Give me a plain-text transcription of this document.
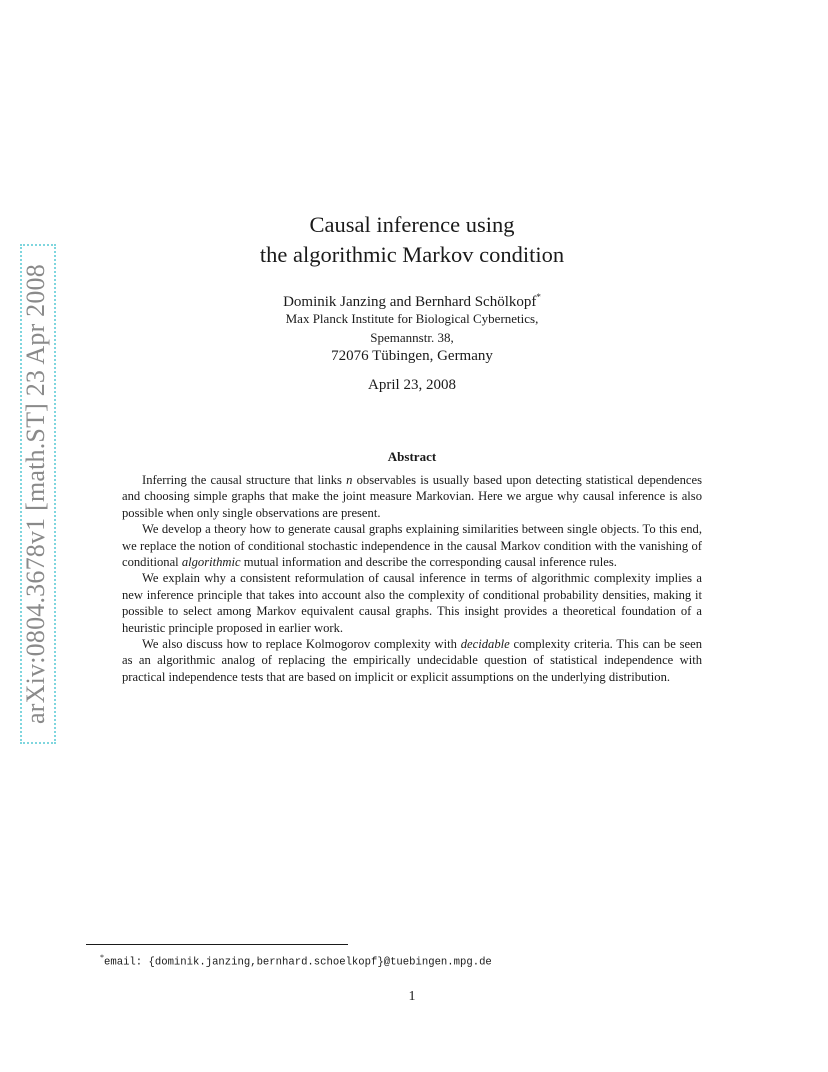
arXiv:0804.3678v1 [math.ST] 23 Apr 2008
Causal inference using
the algorithmic Markov condition
Dominik Janzing and Bernhard Schölkopf*
Max Planck Institute for Biological Cybernetics,
Spemannstr. 38,
72076 Tübingen, Germany
April 23, 2008
Abstract

Inferring the causal structure that links n observables is usually based upon detecting statistical dependences and choosing simple graphs that make the joint measure Markovian. Here we argue why causal inference is also possible when only single observations are present.

We develop a theory how to generate causal graphs explaining similarities between single objects. To this end, we replace the notion of conditional stochastic independence in the causal Markov condition with the vanishing of conditional algorithmic mutual information and describe the corresponding causal inference rules.

We explain why a consistent reformulation of causal inference in terms of algorithmic complexity implies a new inference principle that takes into account also the complexity of conditional probability densities, making it possible to select among Markov equivalent causal graphs. This insight provides a theoretical foundation of a heuristic principle proposed in earlier work.

We also discuss how to replace Kolmogorov complexity with decidable complexity criteria. This can be seen as an algorithmic analog of replacing the empirically undecidable question of statistical independence with practical independence tests that are based on implicit or explicit assumptions on the underlying distribution.

*email: {dominik.janzing,bernhard.schoelkopf}@tuebingen.mpg.de
1
